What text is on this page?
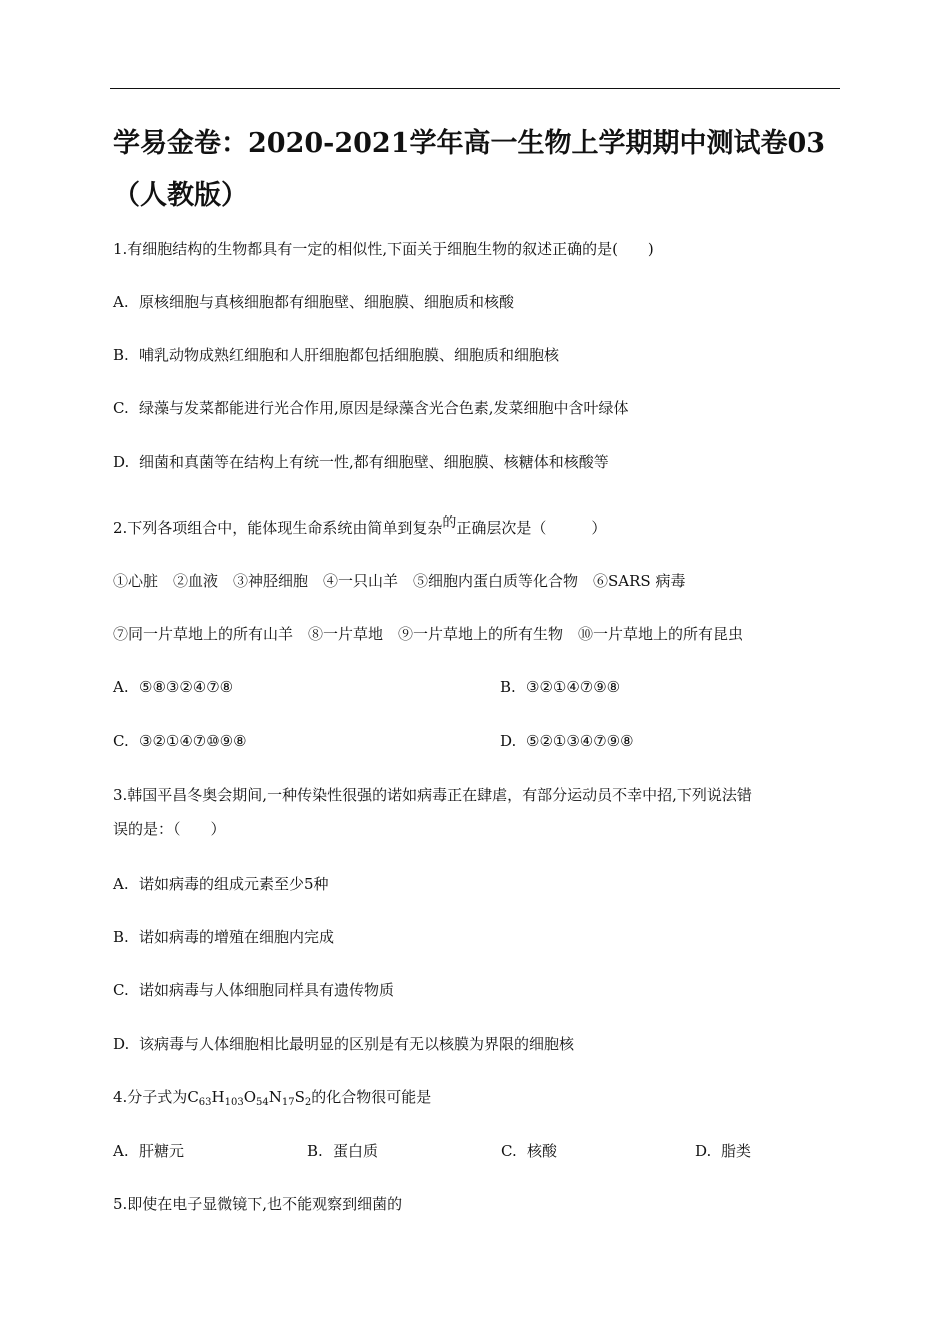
学易金卷：2020-2021学年高一生物上学期期中测试卷03（人教版）

1.有细胞结构的生物都具有一定的相似性,下面关于细胞生物的叙述正确的是(　　)

A. 原核细胞与真核细胞都有细胞壁、细胞膜、细胞质和核酸

B. 哺乳动物成熟红细胞和人肝细胞都包括细胞膜、细胞质和细胞核

C. 绿藻与发菜都能进行光合作用,原因是绿藻含光合色素,发菜细胞中含叶绿体

D. 细菌和真菌等在结构上有统一性,都有细胞壁、细胞膜、核糖体和核酸等

2.下列各项组合中，能体现生命系统由简单到复杂$^的$正确层次是（　　　）

①心脏　②血液　③神胫细胞　④一只山羊　⑤细胞内蛋白质等化合物　⑥SARS 病毒

⑦同一片草地上的所有山羊　⑧一片草地　⑨一片草地上的所有生物　⑩一片草地上的所有昆虫

A. ⑤⑧③②④⑦⑧	B. ③②①④⑦⑨⑧
C. ③②①④⑦⑩⑨⑧	D. ⑤②①③④⑦⑨⑧

3.韩国平昌冬奥会期间,一种传染性很强的诺如病毒正在肆虐，有部分运动员不幸中招,下列说法错

误的是：（　　）

A. 诺如病毒的组成元素至少5种

B. 诺如病毒的增殖在细胞内完成

C. 诺如病毒与人体细胞同样具有遗传物质

D. 该病毒与人体细胞相比最明显的区别是有无以核膜为界限的细胞核

4.分子式为$C_{63}H_{103}O_{54}N_{17}S_2$的化合物很可能是

A. 肝糖元	B. 蛋白质	C. 核酸	D. 脂类

5.即使在电子显微镜下,也不能观察到细菌的
